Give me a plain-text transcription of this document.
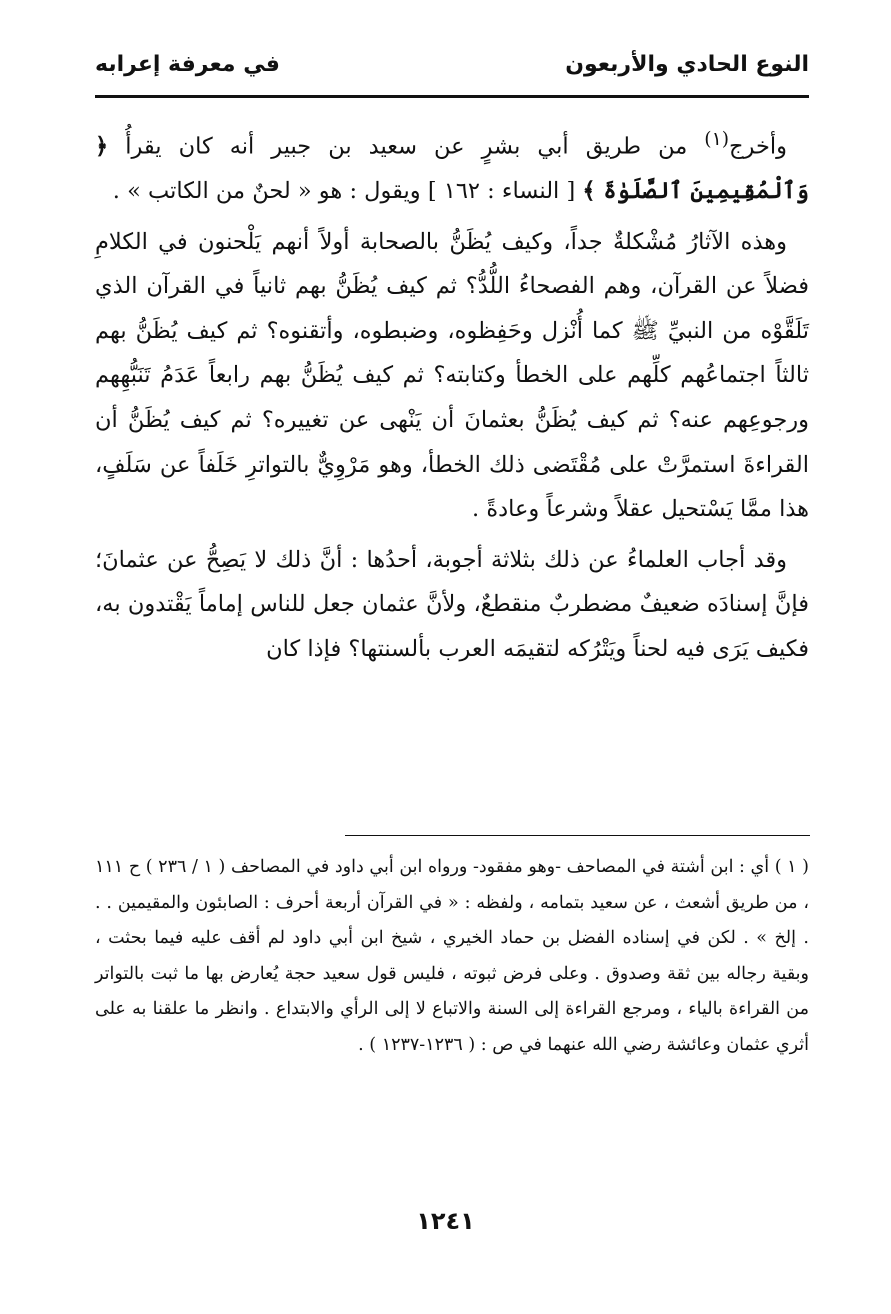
النوع الحادي والأربعون
في معرفة إعرابه

وأخرج$^{(١)}$ من طريق أبي بشرٍ عن سعيد بن جبير أنه كان يقرأُ ﴿ وَٱلْمُقِيمِينَ ٱلصَّلَوٰةَ ﴾ [ النساء : ١٦٢ ] ويقول : هو « لحنٌ من الكاتب » .

وهذه الآثارُ مُشْكلةٌ جداً، وكيف يُظَنُّ بالصحابة أولاً أنهم يَلْحنون في الكلامِ فضلاً عن القرآن، وهم الفصحاءُ اللُّدُّ؟ ثم كيف يُظَنُّ بهم ثانياً في القرآن الذي تَلَقَّوْه من النبيِّ ﷺ كما أُنْزل وحَفِظوه، وضبطوه، وأتقنوه؟ ثم كيف يُظَنُّ بهم ثالثاً اجتماعُهم كلِّهم على الخطأ وكتابته؟ ثم كيف يُظَنُّ بهم رابعاً عَدَمُ تَنَبُّهِهم ورجوعِهم عنه؟ ثم كيف يُظَنُّ بعثمانَ أن يَنْهى عن تغييره؟ ثم كيف يُظَنُّ أن القراءةَ استمرَّتْ على مُقْتَضى ذلك الخطأ، وهو مَرْوِيٌّ بالتواترِ خَلَفاً عن سَلَفٍ، هذا ممَّا يَسْتحيل عقلاً وشرعاً وعادةً .

وقد أجاب العلماءُ عن ذلك بثلاثة أجوبة، أحدُها : أنَّ ذلك لا يَصِحُّ عن عثمانَ؛ فإنَّ إسنادَه ضعيفٌ مضطربٌ منقطعٌ، ولأنَّ عثمان جعل للناس إماماً يَقْتدون به، فكيف يَرَى فيه لحناً ويَتْرُكه لتقيمَه العرب بألسنتها؟ فإذا كان

( ١ ) أي : ابن أشتة في المصاحف -وهو مفقود- ورواه ابن أبي داود في المصاحف ( ١ / ٢٣٦ ) ح ١١١ ، من طريق أشعث ، عن سعيد بتمامه ، ولفظه : « في القرآن أربعة أحرف : الصابئون والمقيمين . . . إلخ » . لكن في إسناده الفضل بن حماد الخيري ، شيخ ابن أبي داود لم أقف عليه فيما بحثت ، وبقية رجاله بين ثقة وصدوق . وعلى فرض ثبوته ، فليس قول سعيد حجة يُعارض بها ما ثبت بالتواتر من القراءة بالياء ، ومرجع القراءة إلى السنة والاتباع لا إلى الرأي والابتداع . وانظر ما علقنا به على أثري عثمان وعائشة رضي الله عنهما في ص : ( ١٢٣٦-١٢٣٧ ) .

١٢٤١
